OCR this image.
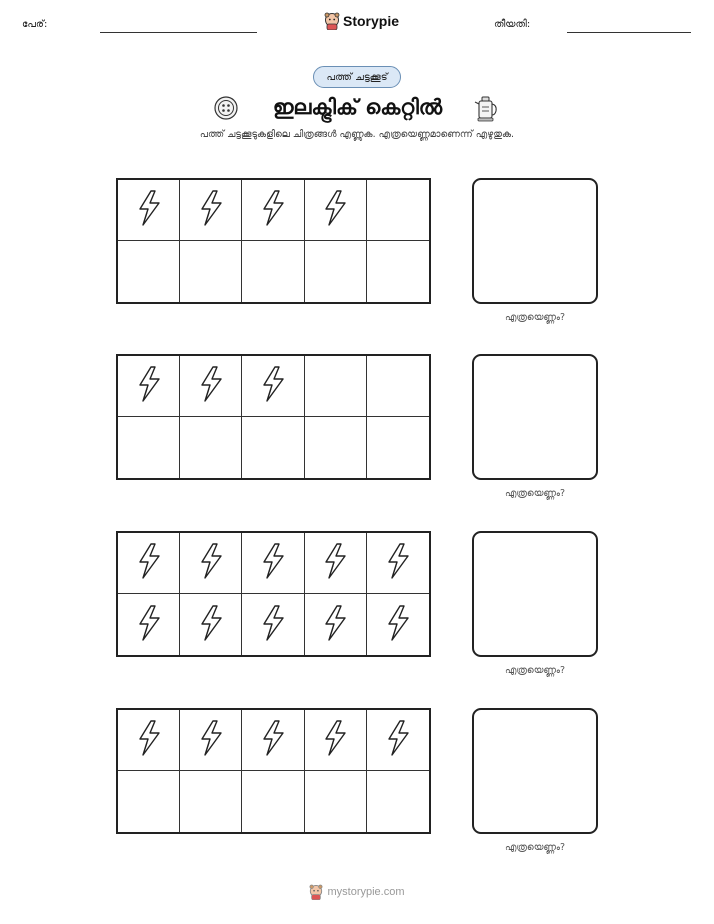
പേര്:	Storypie	തീയതി:
പത്ത് ചട്ടക്കൂട്
ഇലക്ട്രിക് കെറ്റിൽ
പത്ത് ചട്ടക്കൂടുകളിലെ ചിത്രങ്ങൾ എണ്ണുക. എത്രയെണ്ണമാണെന്ന് എഴുതുക.
എത്രയെണ്ണം?
എത്രയെണ്ണം?
എത്രയെണ്ണം?
എത്രയെണ്ണം?
mystorypie.com
